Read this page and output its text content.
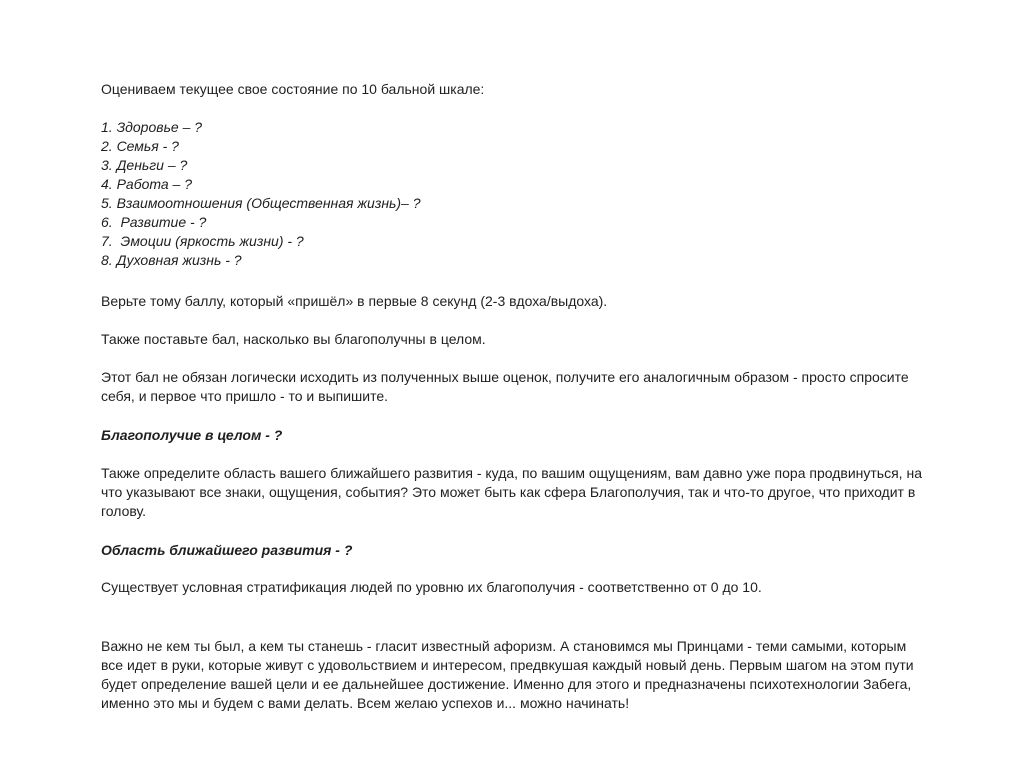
Оцениваем текущее свое состояние по 10 бальной шкале:

1. Здоровье – ?
2. Семья - ?
3. Деньги – ?
4. Работа – ?
5. Взаимоотношения (Общественная жизнь)– ?
6.  Развитие - ?
7.  Эмоции (яркость жизни) - ?
8. Духовная жизнь - ?

Верьте тому баллу, который «пришёл» в первые 8 секунд (2-3 вдоха/выдоха).

Также поставьте бал, насколько вы благополучны в целом.

Этот бал не обязан логически исходить из полученных выше оценок, получите его аналогичным образом - просто спросите себя, и первое что пришло - то и выпишите.

Благополучие в целом - ?

Также определите область вашего ближайшего развития - куда, по вашим ощущениям, вам давно уже пора продвинуться, на что указывают все знаки, ощущения, события? Это может быть как сфера Благополучия, так и что-то другое, что приходит в голову.

Область ближайшего развития - ?

Существует условная стратификация людей по уровню их благополучия - соответственно от 0 до 10.

Важно не кем ты был, а кем ты станешь - гласит известный афоризм. А становимся мы Принцами - теми самыми, которым все идет в руки, которые живут с удовольствием и интересом, предвкушая каждый новый день. Первым шагом на этом пути будет определение вашей цели и ее дальнейшее достижение. Именно для этого и предназначены психотехнологии Забега, именно это мы и будем с вами делать. Всем желаю успехов и... можно начинать!
